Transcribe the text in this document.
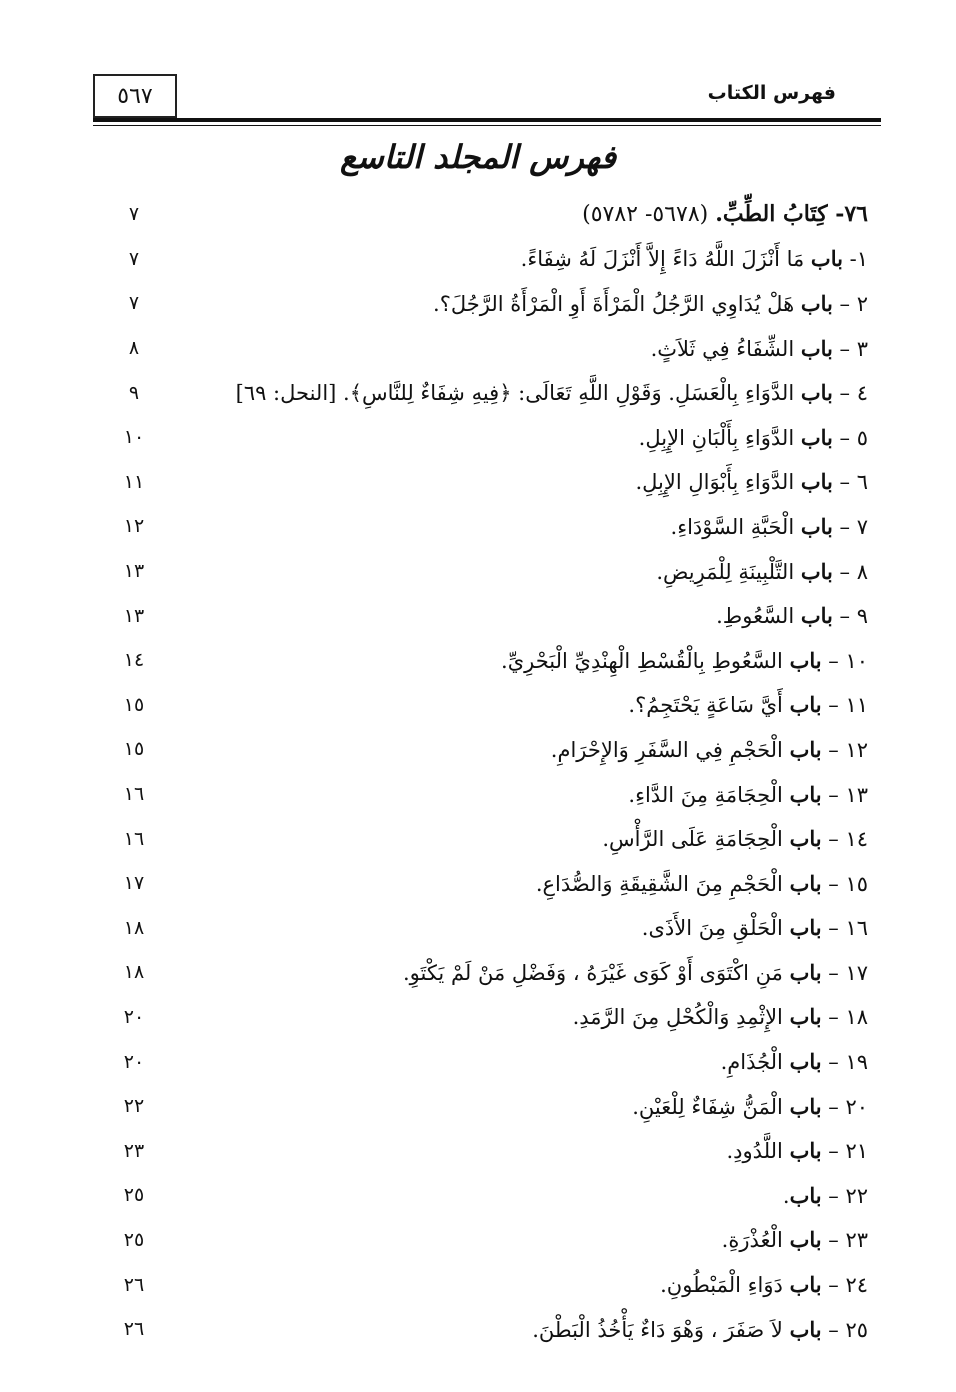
فهرس الكتاب
٥٦٧
فهرس المجلد التاسع
٧٦- كِتَابُ الطِّبِّ. (٥٦٧٨- ٥٧٨٢)
٧
١- باب مَا أَنْزَلَ اللَّهُ دَاءً إِلاَّ أَنْزَلَ لَهُ شِفَاءً.
٧
٢ – باب هَلْ يُدَاوِي الرَّجُلُ الْمَرْأَةَ أَوِ الْمَرْأَةُ الرَّجُلَ؟.
٧
٣ – باب الشِّفَاءُ فِي ثَلاَثٍ.
٨
٤ – باب الدَّوَاءِ بِالْعَسَلِ. وَقَوْلِ اللَّهِ تَعَالَى: ﴿فِيهِ شِفَاءٌ لِلنَّاسِ﴾. [النحل: ٦٩]
٩
٥ – باب الدَّوَاءِ بِأَلْبَانِ الإِبِلِ.
١٠
٦ – باب الدَّوَاءِ بِأَبْوَالِ الإِبِلِ.
١١
٧ – باب الْحَبَّةِ السَّوْدَاءِ.
١٢
٨ – باب التَّلْبِينَةِ لِلْمَرِيضِ.
١٣
٩ – باب السَّعُوطِ.
١٣
١٠ – باب السَّعُوطِ بِالْقُسْطِ الْهِنْدِيِّ الْبَحْرِيِّ.
١٤
١١ – باب أَيَّ سَاعَةٍ يَحْتَجِمُ؟.
١٥
١٢ – باب الْحَجْمِ فِي السَّفَرِ وَالإِحْرَامِ.
١٥
١٣ – باب الْحِجَامَةِ مِنَ الدَّاءِ.
١٦
١٤ – باب الْحِجَامَةِ عَلَى الرَّأْسِ.
١٦
١٥ – باب الْحَجْمِ مِنَ الشَّقِيقَةِ وَالصُّدَاعِ.
١٧
١٦ – باب الْحَلْقِ مِنَ الأَذَى.
١٨
١٧ – باب مَنِ اكْتَوَى أَوْ كَوَى غَيْرَهُ ، وَفَضْلِ مَنْ لَمْ يَكْتَوِ.
١٨
١٨ – باب الإِثْمِدِ وَالْكُحْلِ مِنَ الرَّمَدِ.
٢٠
١٩ – باب الْجُذَامِ.
٢٠
٢٠ – باب الْمَنُّ شِفَاءٌ لِلْعَيْنِ.
٢٢
٢١ – باب اللَّدُودِ.
٢٣
٢٢ – باب.
٢٥
٢٣ – باب الْعُذْرَةِ.
٢٥
٢٤ – باب دَوَاءِ الْمَبْطُونِ.
٢٦
٢٥ – باب لاَ صَفَرَ ، وَهْوَ دَاءٌ يَأْخُذُ الْبَطْنَ.
٢٦
